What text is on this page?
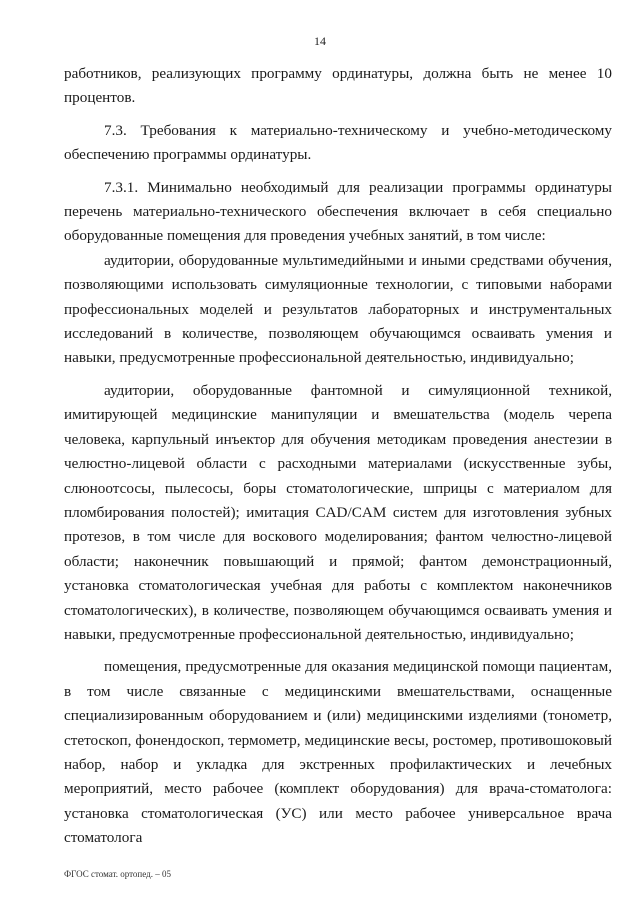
14

работников, реализующих программу ординатуры, должна быть не менее 10 процентов.

7.3. Требования к материально-техническому и учебно-методическому обеспечению программы ординатуры.

7.3.1. Минимально необходимый для реализации программы ординатуры перечень материально-технического обеспечения включает в себя специально оборудованные помещения для проведения учебных занятий, в том числе:

аудитории, оборудованные мультимедийными и иными средствами обучения, позволяющими использовать симуляционные технологии, с типовыми наборами профессиональных моделей и результатов лабораторных и инструментальных исследований в количестве, позволяющем обучающимся осваивать умения и навыки, предусмотренные профессиональной деятельностью, индивидуально;

аудитории, оборудованные фантомной и симуляционной техникой, имитирующей медицинские манипуляции и вмешательства (модель черепа человека, карпульный инъектор для обучения методикам проведения анестезии в челюстно-лицевой области с расходными материалами (искусственные зубы, слюноотсосы, пылесосы, боры стоматологические, шприцы с материалом для пломбирования полостей); имитация CAD/CAM систем для изготовления зубных протезов, в том числе для воскового моделирования; фантом челюстно-лицевой области; наконечник повышающий и прямой; фантом демонстрационный, установка стоматологическая учебная для работы с комплектом наконечников стоматологических), в количестве, позволяющем обучающимся осваивать умения и навыки, предусмотренные профессиональной деятельностью, индивидуально;

помещения, предусмотренные для оказания медицинской помощи пациентам, в том числе связанные с медицинскими вмешательствами, оснащенные специализированным оборудованием и (или) медицинскими изделиями (тонометр, стетоскоп, фонендоскоп, термометр, медицинские весы, ростомер, противошоковый набор, набор и укладка для экстренных профилактических и лечебных мероприятий, место рабочее (комплект оборудования) для врача-стоматолога: установка стоматологическая (УС) или место рабочее универсальное врача стоматолога

ФГОС стомат. ортопед. – 05
